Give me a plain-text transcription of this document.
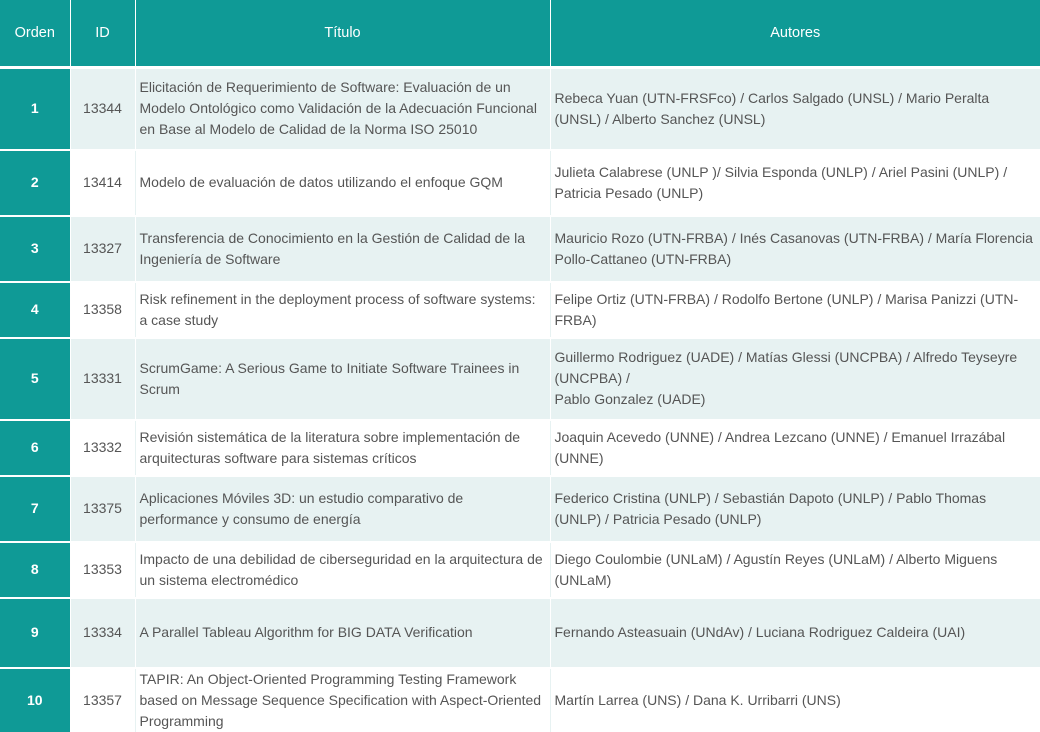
Orden	ID	Título	Autores
1	13344	Elicitación de Requerimiento de Software: Evaluación de un Modelo Ontológico como Validación de la Adecuación Funcional en Base al Modelo de Calidad de la Norma ISO 25010	Rebeca Yuan (UTN-FRSFco) / Carlos Salgado (UNSL) / Mario Peralta (UNSL) / Alberto Sanchez (UNSL)
2	13414	Modelo de evaluación de datos utilizando el enfoque GQM	Julieta Calabrese (UNLP )/ Silvia Esponda (UNLP) / Ariel Pasini (UNLP) / Patricia Pesado (UNLP)
3	13327	Transferencia de Conocimiento en la Gestión de Calidad de la Ingeniería de Software	Mauricio Rozo (UTN-FRBA) / Inés Casanovas (UTN-FRBA) / María Florencia Pollo-Cattaneo (UTN-FRBA)
4	13358	Risk refinement in the deployment process of software systems: a case study	Felipe Ortiz (UTN-FRBA) / Rodolfo Bertone (UNLP) / Marisa Panizzi (UTN-FRBA)
5	13331	ScrumGame: A Serious Game to Initiate Software Trainees in Scrum	Guillermo Rodriguez (UADE) / Matías Glessi (UNCPBA) / Alfredo Teyseyre (UNCPBA) /
Pablo Gonzalez (UADE)
6	13332	Revisión sistemática de la literatura sobre implementación de arquitecturas software para sistemas críticos	Joaquin Acevedo (UNNE) / Andrea Lezcano (UNNE) / Emanuel Irrazábal (UNNE)
7	13375	Aplicaciones Móviles 3D: un estudio comparativo de performance y consumo de energía	Federico Cristina (UNLP) / Sebastián Dapoto (UNLP) / Pablo Thomas (UNLP) / Patricia Pesado (UNLP)
8	13353	Impacto de una debilidad de ciberseguridad en la arquitectura de un sistema electromédico	Diego Coulombie (UNLaM) / Agustín Reyes (UNLaM) / Alberto Miguens (UNLaM)
9	13334	A Parallel Tableau Algorithm for BIG DATA Verification	Fernando Asteasuain (UNdAv) / Luciana Rodriguez Caldeira (UAI)
10	13357	TAPIR: An Object-Oriented Programming Testing Framework based on Message Sequence Specification with Aspect-Oriented Programming	Martín Larrea (UNS) / Dana K. Urribarri (UNS)
